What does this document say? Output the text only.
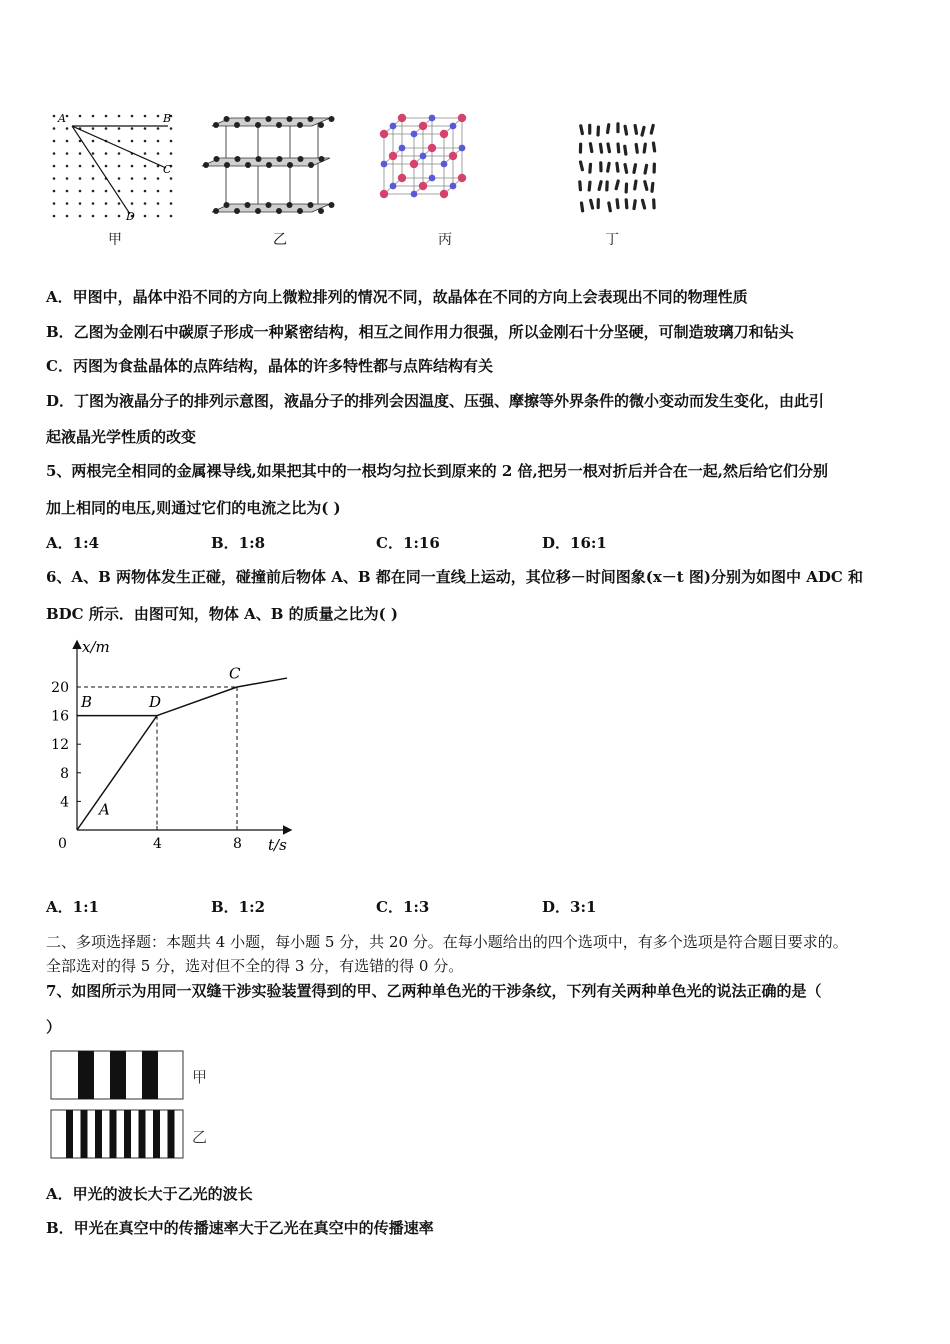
A	B
C
D
甲	乙	丙	丁
A．甲图中，晶体中沿不同的方向上微粒排列的情况不同，故晶体在不同的方向上会表现出不同的物理性质
B．乙图为金刚石中碳原子形成一种紧密结构，相互之间作用力很强，所以金刚石十分坚硬，可制造玻璃刀和钻头
C．丙图为食盐晶体的点阵结构，晶体的许多特性都与点阵结构有关
D．丁图为液晶分子的排列示意图，液晶分子的排列会因温度、压强、摩擦等外界条件的微小变动而发生变化，由此引
起液晶光学性质的改变
5、两根完全相同的金属裸导线,如果把其中的一根均匀拉长到原来的 2 倍,把另一根对折后并合在一起,然后给它们分别
加上相同的电压,则通过它们的电流之比为( )
A．1:4	B．1:8	C．1:16	D．16:1
6、A、B 两物体发生正碰，碰撞前后物体 A、B 都在同一直线上运动，其位移－时间图象(x－t 图)分别为如图中 ADC 和
BDC 所示．由图可知，物体 A、B 的质量之比为( )
4
8
12
16
20
4	8
A
B	D
C
x/m
t/s
0
A．1:1	B．1:2	C．1:3	D．3:1
二、多项选择题：本题共 4 小题，每小题 5 分，共 20 分。在每小题给出的四个选项中，有多个选项是符合题目要求的。
全部选对的得 5 分，选对但不全的得 3 分，有选错的得 0 分。
7、如图所示为用同一双缝干涉实验装置得到的甲、乙两种单色光的干涉条纹，下列有关两种单色光的说法正确的是（
）
甲
乙
A．甲光的波长大于乙光的波长
B．甲光在真空中的传播速率大于乙光在真空中的传播速率
